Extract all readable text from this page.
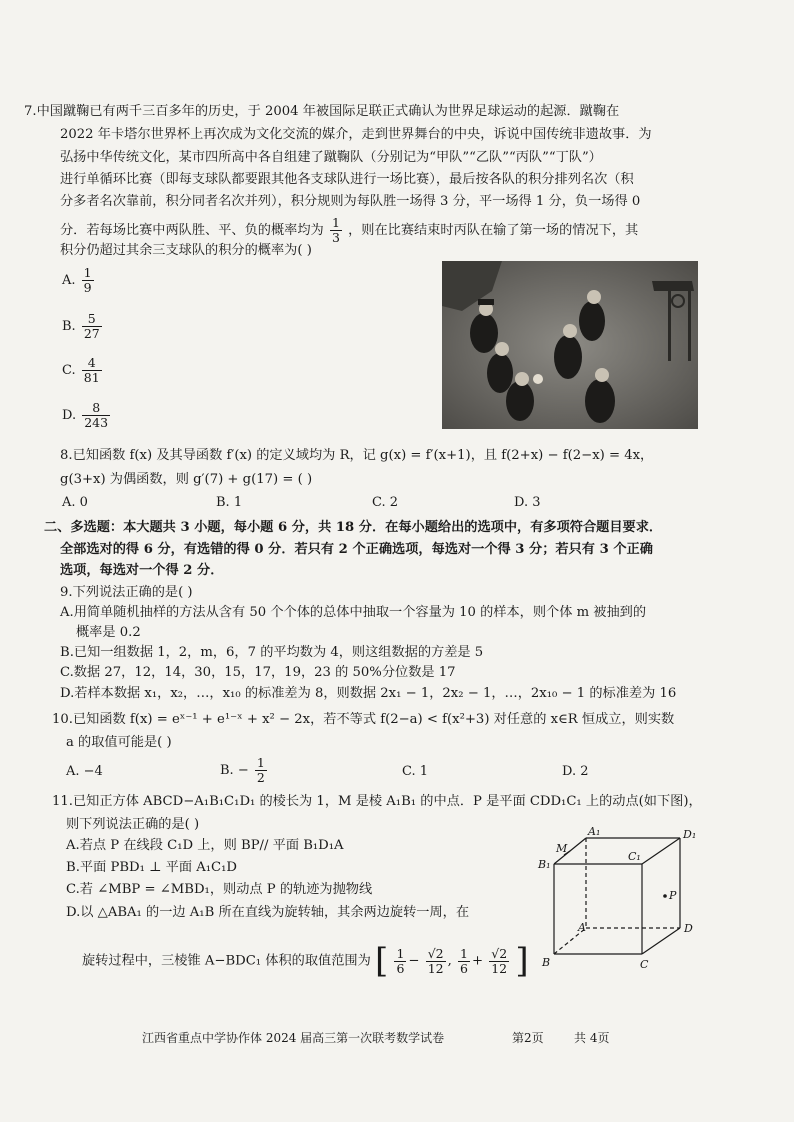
7.中国蹴鞠已有两千三百多年的历史，于 2004 年被国际足联正式确认为世界足球运动的起源．蹴鞠在
2022 年卡塔尔世界杯上再次成为文化交流的媒介，走到世界舞台的中央，诉说中国传统非遗故事．为
弘扬中华传统文化，某市四所高中各自组建了蹴鞠队（分别记为“甲队”“乙队”“丙队”“丁队”）
进行单循环比赛（即每支球队都要跟其他各支球队进行一场比赛），最后按各队的积分排列名次（积
分多者名次靠前，积分同者名次并列），积分规则为每队胜一场得 3 分，平一场得 1 分，负一场得 0
分．若每场比赛中两队胜、平、负的概率均为 $\frac{1}{3}$ ，则在比赛结束时丙队在输了第一场的情况下，其
积分仍超过其余三支球队的积分的概率为( )
A. $\frac{1}{9}$
B. $\frac{5}{27}$
C. $\frac{4}{81}$
D. $\frac{8}{243}$
8.已知函数 f(x) 及其导函数 f′(x) 的定义域均为 R，记 g(x) = f′(x+1)，且 f(2+x) − f(2−x) = 4x，
g(3+x) 为偶函数，则 g′(7) + g(17) = ( )
A. 0	B. 1	C. 2	D. 3
二、多选题：本大题共 3 小题，每小题 6 分，共 18 分．在每小题给出的选项中，有多项符合题目要求．
全部选对的得 6 分，有选错的得 0 分．若只有 2 个正确选项，每选对一个得 3 分；若只有 3 个正确
选项，每选对一个得 2 分．
9.下列说法正确的是( )
A.用简单随机抽样的方法从含有 50 个个体的总体中抽取一个容量为 10 的样本，则个体 m 被抽到的
概率是 0.2
B.已知一组数据 1，2，m，6，7 的平均数为 4，则这组数据的方差是 5
C.数据 27，12，14，30，15，17，19，23 的 50%分位数是 17
D.若样本数据 x₁，x₂，…，x₁₀ 的标准差为 8，则数据 2x₁ − 1，2x₂ − 1，…，2x₁₀ − 1 的标准差为 16
10.已知函数 f(x) = eˣ⁻¹ + e¹⁻ˣ + x² − 2x，若不等式 f(2−a) < f(x²+3) 对任意的 x∈R 恒成立，则实数
a 的取值可能是( )
A. −4	B. − $\frac{1}{2}$	C. 1	D. 2
11.已知正方体 ABCD−A₁B₁C₁D₁ 的棱长为 1，M 是棱 A₁B₁ 的中点．P 是平面 CDD₁C₁ 上的动点(如下图)，
则下列说法正确的是( )
A.若点 P 在线段 C₁D 上，则 BP// 平面 B₁D₁A
B.平面 PBD₁ ⊥ 平面 A₁C₁D
C.若 ∠MBP = ∠MBD₁，则动点 P 的轨迹为抛物线
D.以 △ABA₁ 的一边 A₁B 所在直线为旋转轴，其余两边旋转一周，在
旋转过程中，三棱锥 A−BDC₁ 体积的取值范围为 [ $\frac{1}{6} - \frac{√2}{12}$ , $\frac{1}{6} + \frac{√2}{12}$ ]
A₁	D₁
M
B₁
C₁
P
A	D
B	C
江西省重点中学协作体 2024 届高三第一次联考数学试卷	第2页	共 4页
